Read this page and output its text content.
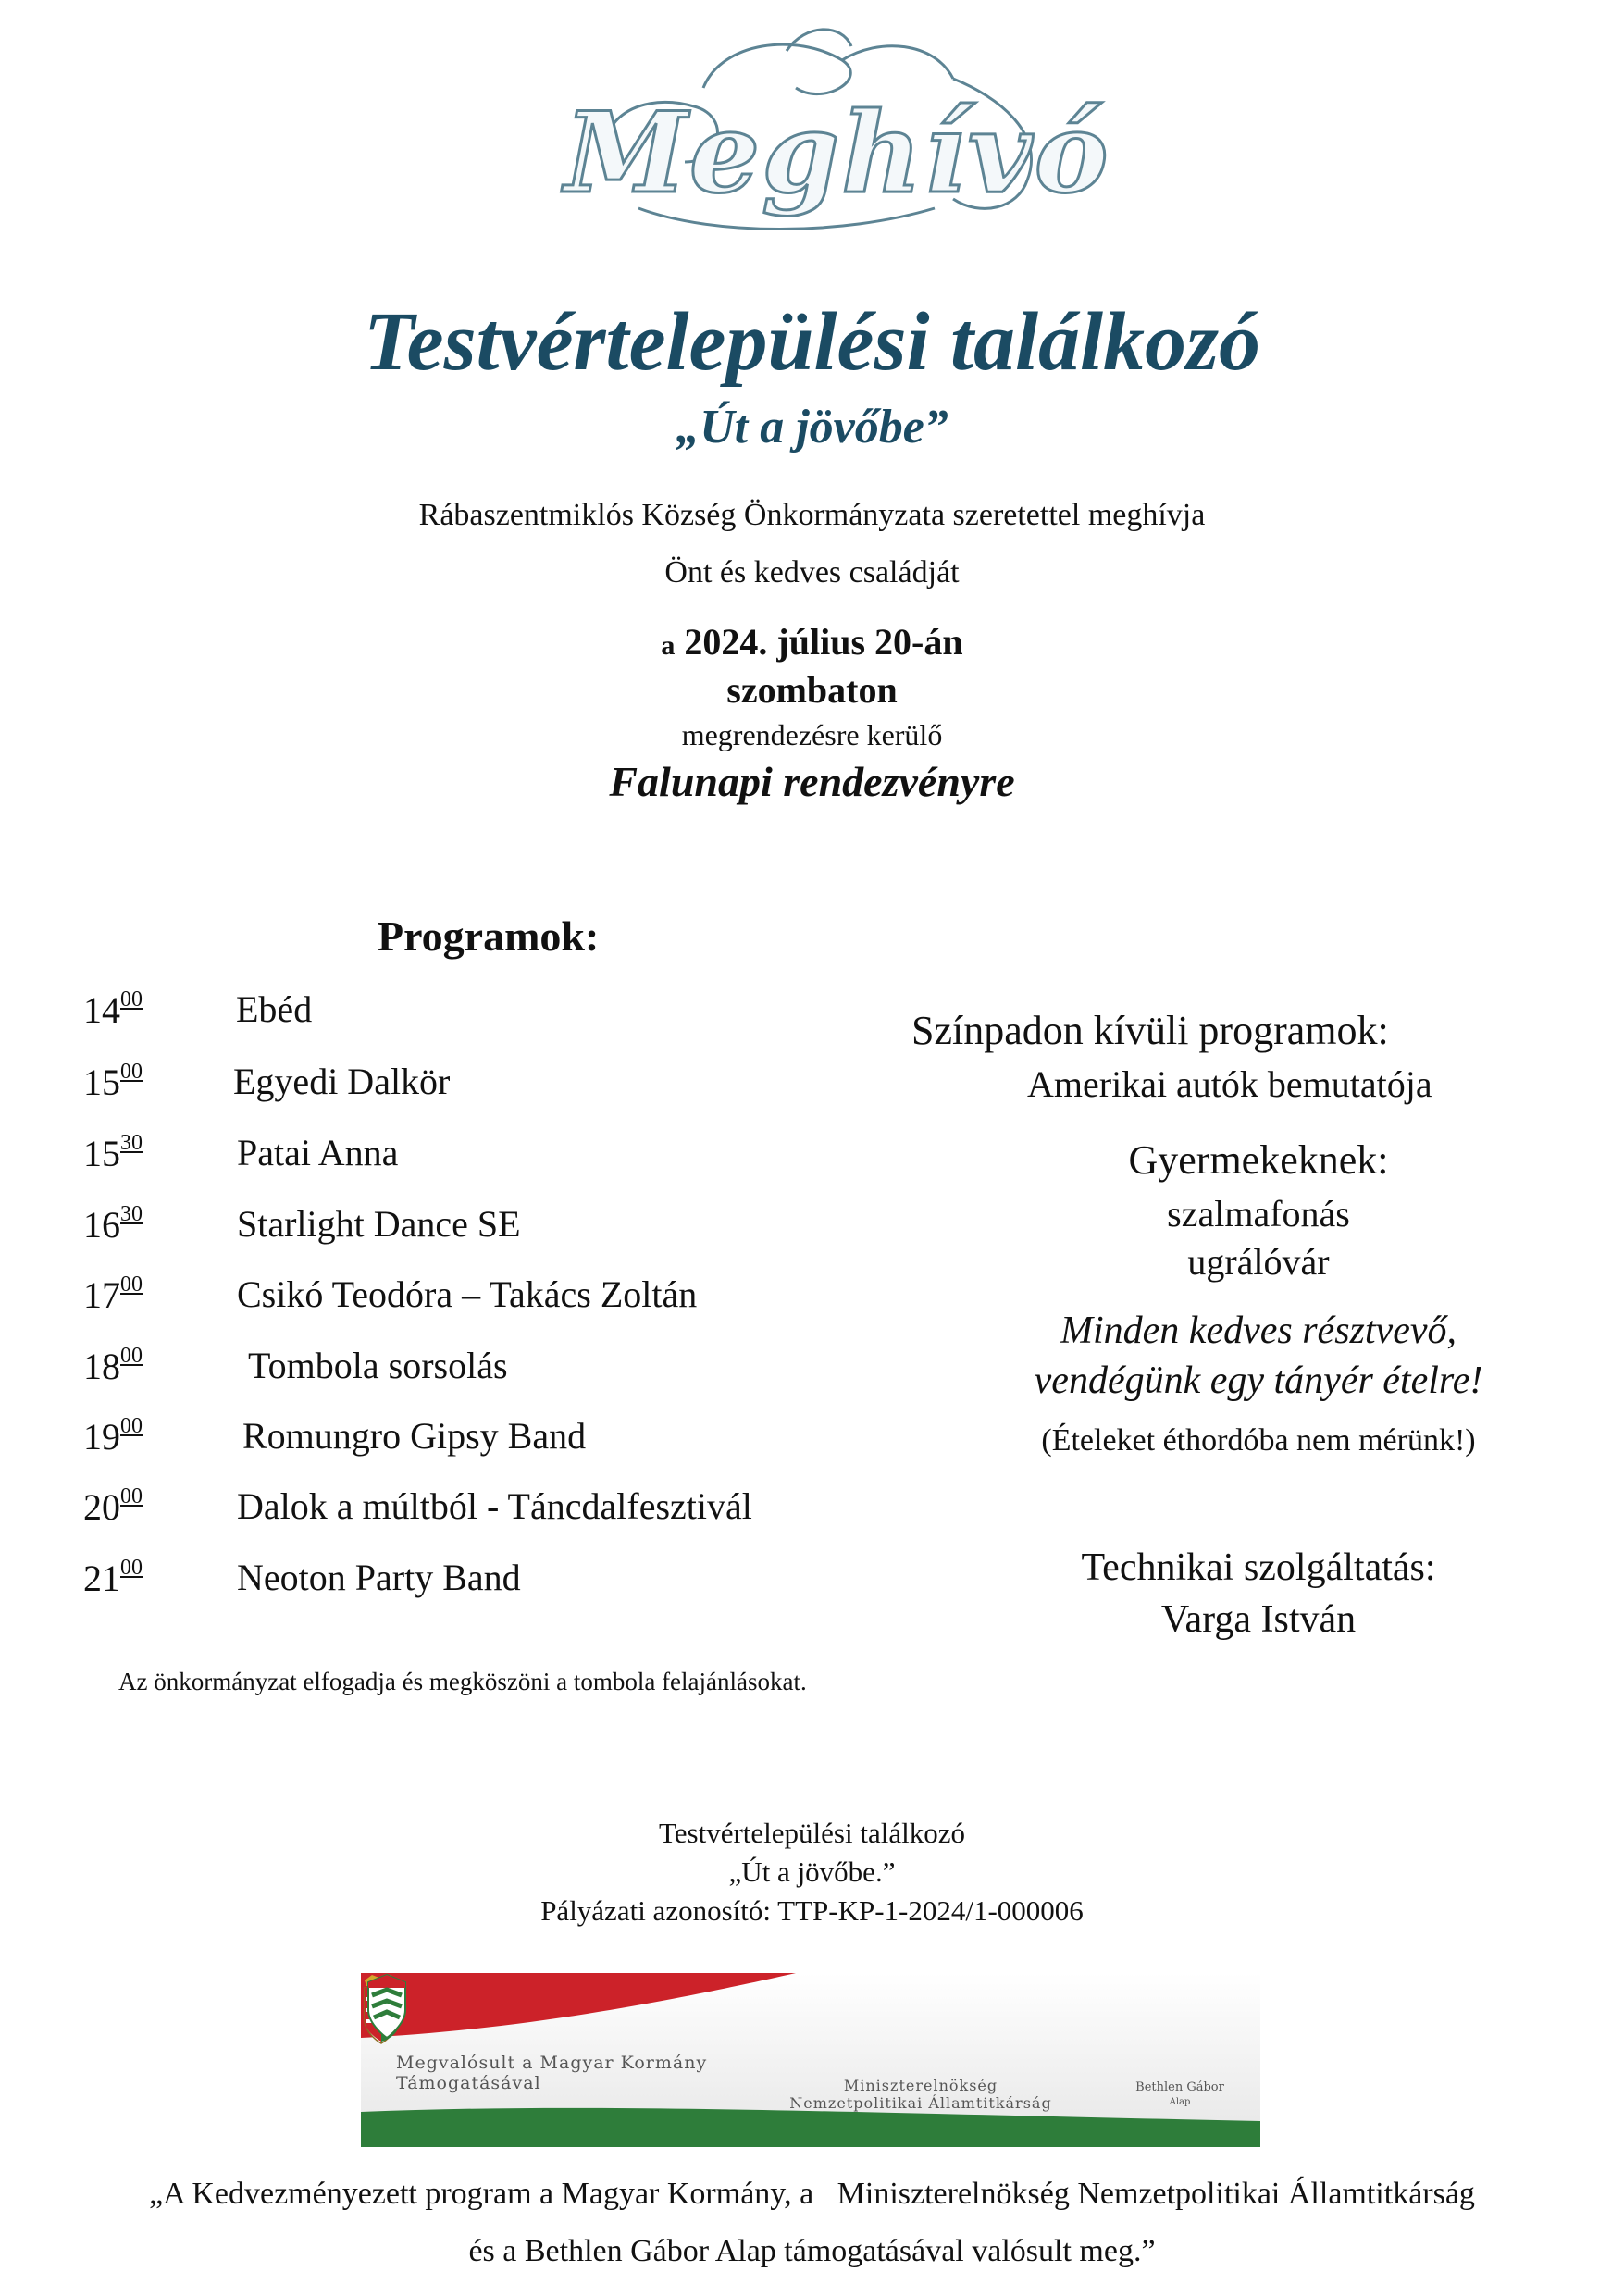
Meghívó
Testvértelepülési találkozó
„Út a jövőbe”
Rábaszentmiklós Község Önkormányzata szeretettel meghívja
Önt és kedves családját
a 2024. július 20-án
szombaton
megrendezésre kerülő
Falunapi rendezvényre
Programok:
$14^{00}$	Ebéd
$15^{00}$ Egyedi Dalkör
$15^{30}$	Patai Anna
$16^{30}$	Starlight Dance SE
$17^{00}$	Csikó Teodóra – Takács Zoltán
$18^{00}$	Tombola sorsolás
$19^{00}$	Romungro Gipsy Band
$20^{00}$	Dalok a múltból - Táncdalfesztivál
$21^{00}$	Neoton Party Band
Az önkormányzat elfogadja és megköszöni a tombola felajánlásokat.
Színpadon kívüli programok:
Amerikai autók bemutatója
Gyermekeknek:
szalmafonás
ugrálóvár
Minden kedves résztvevő,
vendégünk egy tányér ételre!
(Ételeket éthordóba nem mérünk!)
Technikai szolgáltatás:
Varga István
Testvértelepülési találkozó
„Út a jövőbe.”
Pályázati azonosító: TTP-KP-1-2024/1-000006
Megvalósult a Magyar Kormány
Támogatásával	Miniszterelnökség
Nemzetpolitikai Államtitkárság
Bethlen Gábor
Alap
„A Kedvezményezett program a Magyar Kormány, a   Miniszterelnökség Nemzetpolitikai Államtitkárság
és a Bethlen Gábor Alap támogatásával valósult meg.”
